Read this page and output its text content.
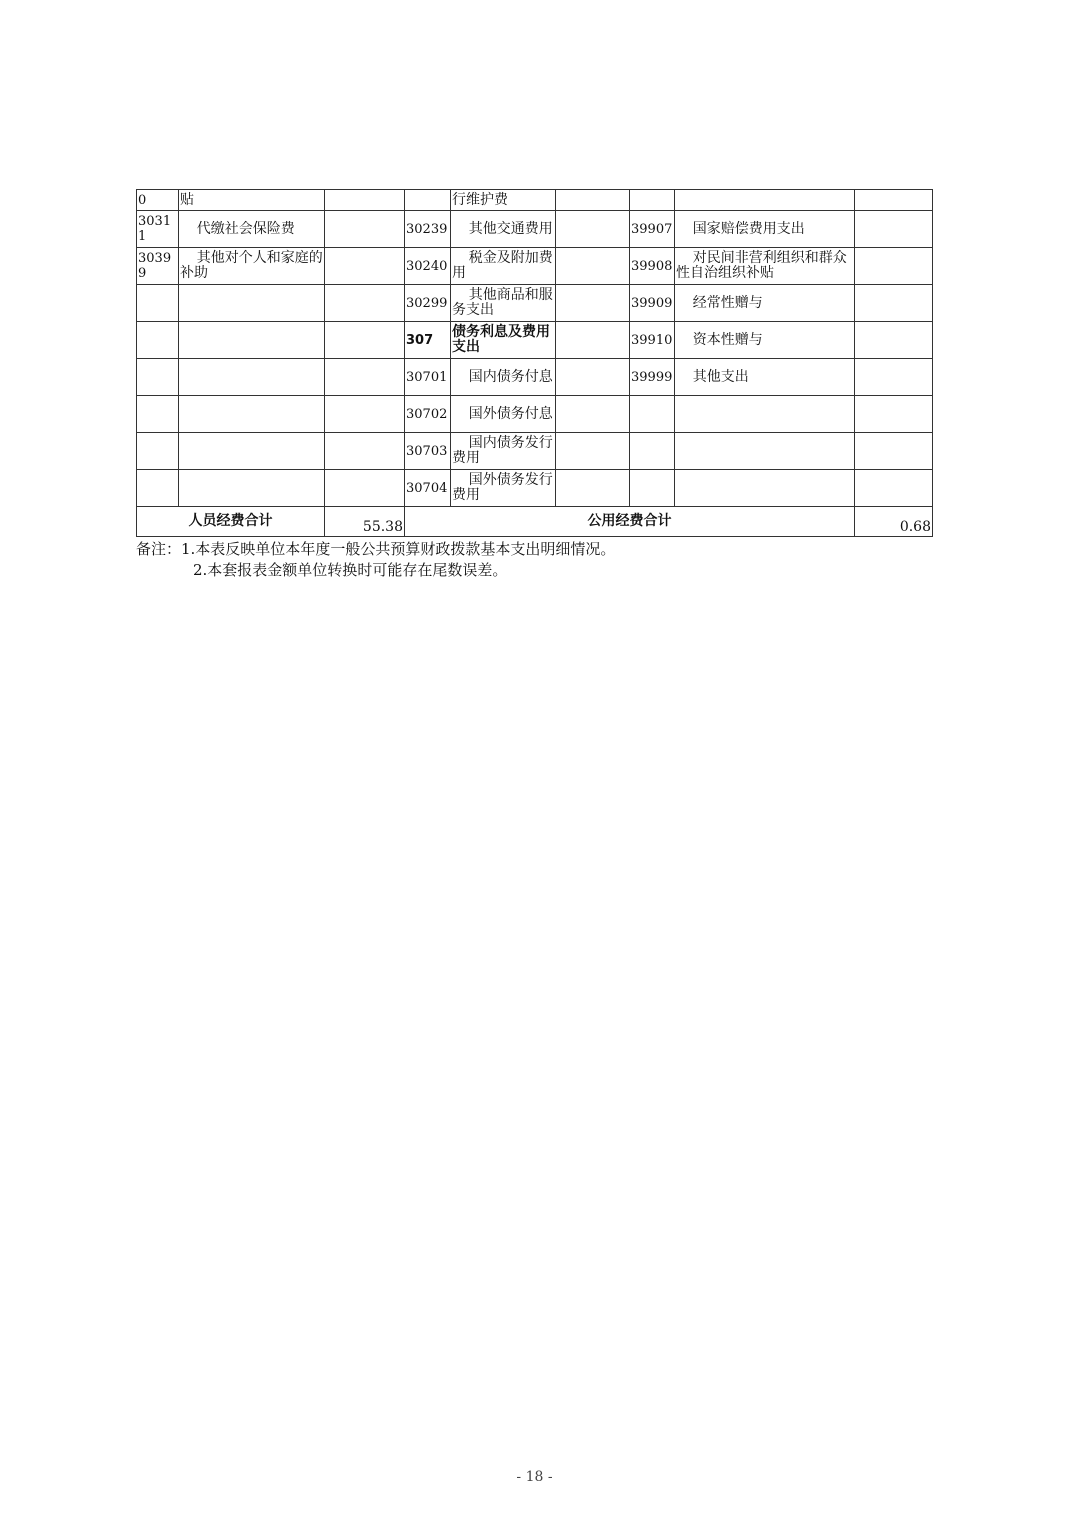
0	贴			行维护费				
30311	代缴社会保险费		30239	其他交通费用		39907	国家赔偿费用支出	
30399	其他对个人和家庭的补助		30240	税金及附加费用		39908	对民间非营利组织和群众性自治组织补贴	
			30299	其他商品和服务支出		39909	经常性赠与	
			307	债务利息及费用支出		39910	资本性赠与	
			30701	国内债务付息		39999	其他支出	
			30702	国外债务付息				
			30703	国内债务发行费用				
			30704	国外债务发行费用				
人员经费合计		55.38	公用经费合计					0.68
备注：1.本表反映单位本年度一般公共预算财政拨款基本支出明细情况。
2.本套报表金额单位转换时可能存在尾数误差。
- 18 -
